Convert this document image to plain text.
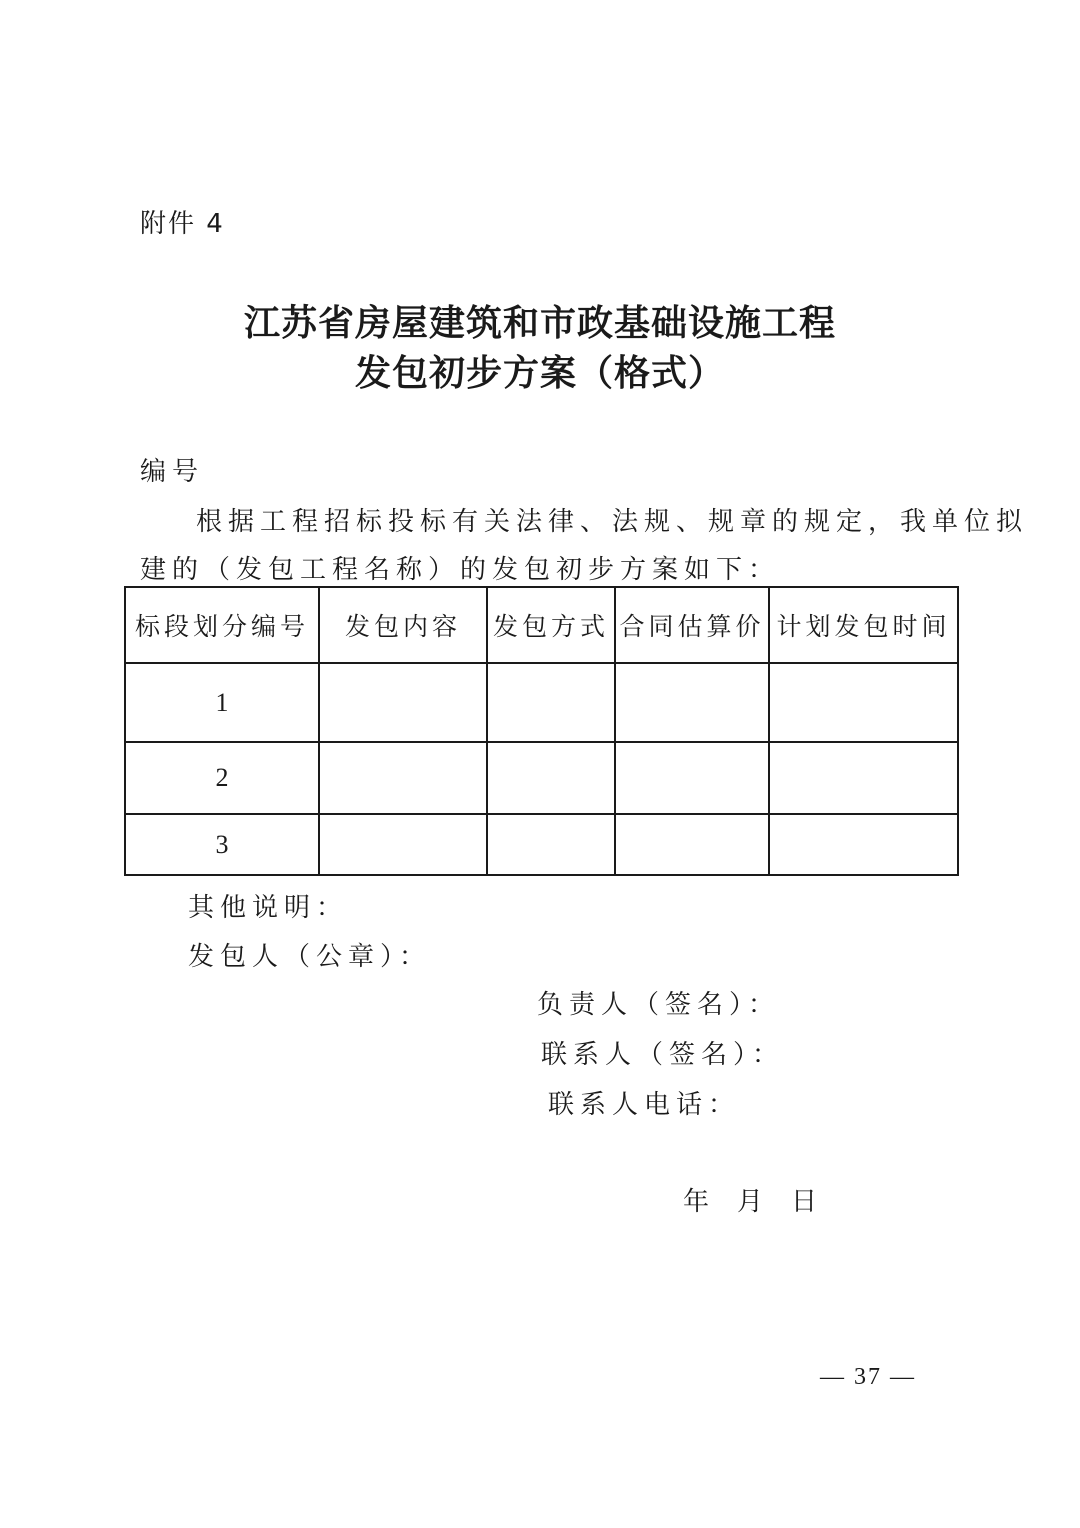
附件 4
江苏省房屋建筑和市政基础设施工程
发包初步方案（格式）
编号
根据工程招标投标有关法律、法规、规章的规定，我单位拟
建的（发包工程名称）的发包初步方案如下：
标段划分编号	发包内容	发包方式	合同估算价	计划发包时间
1				
2				
3				
其他说明：
发包人（公章）：
负责人（签名）：
联系人（签名）：
联系人电话：
年 月 日
— 37 —
